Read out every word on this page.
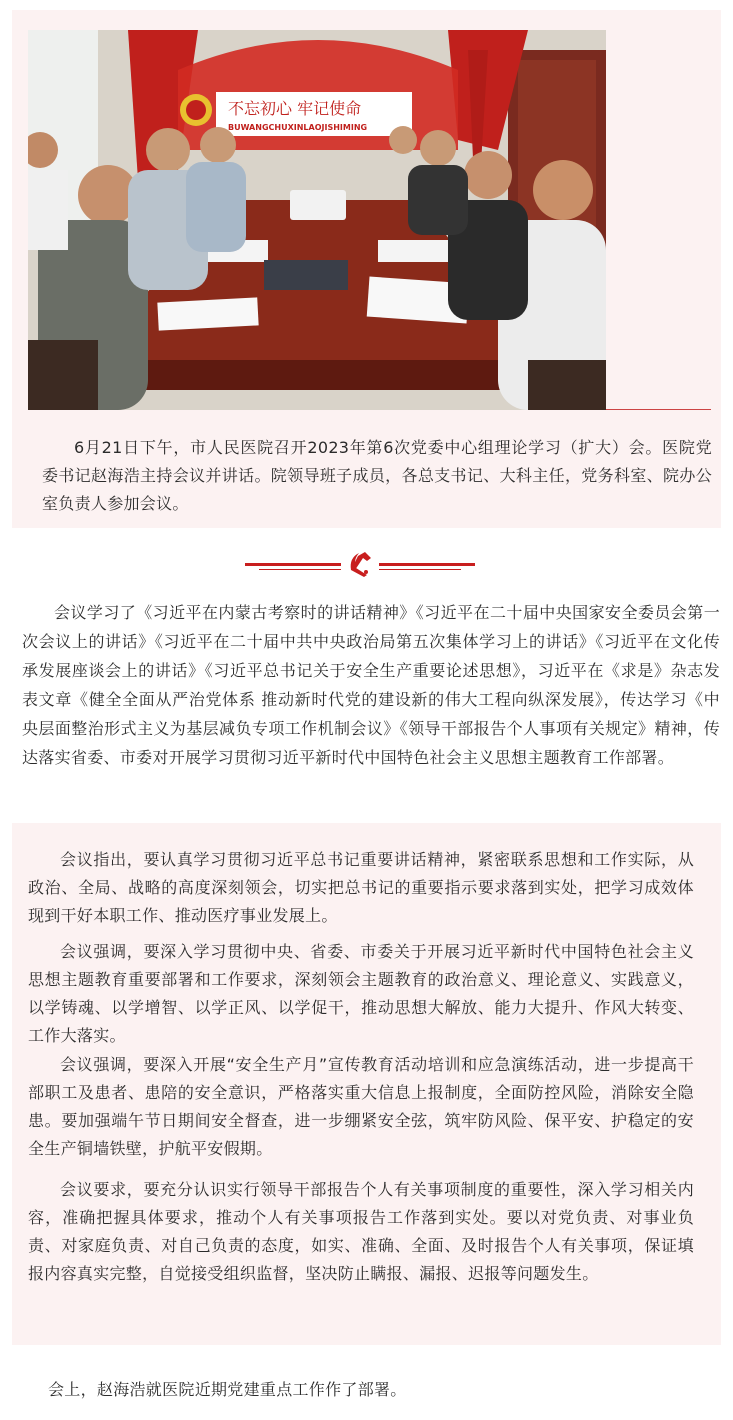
不忘初心 牢记使命
BUWANGCHUXINLAOJISHIMING

6月21日下午，市人民医院召开2023年第6次党委中心组理论学习（扩大）会。医院党委书记赵海浩主持会议并讲话。院领导班子成员，各总支书记、大科主任，党务科室、院办公室负责人参加会议。

会议学习了《习近平在内蒙古考察时的讲话精神》《习近平在二十届中央国家安全委员会第一次会议上的讲话》《习近平在二十届中共中央政治局第五次集体学习上的讲话》《习近平在文化传承发展座谈会上的讲话》《习近平总书记关于安全生产重要论述思想》，习近平在《求是》杂志发表文章《健全全面从严治党体系 推动新时代党的建设新的伟大工程向纵深发展》，传达学习《中央层面整治形式主义为基层减负专项工作机制会议》《领导干部报告个人事项有关规定》精神，传达落实省委、市委对开展学习贯彻习近平新时代中国特色社会主义思想主题教育工作部署。

会议指出，要认真学习贯彻习近平总书记重要讲话精神，紧密联系思想和工作实际，从政治、全局、战略的高度深刻领会，切实把总书记的重要指示要求落到实处，把学习成效体现到干好本职工作、推动医疗事业发展上。

会议强调，要深入学习贯彻中央、省委、市委关于开展习近平新时代中国特色社会主义思想主题教育重要部署和工作要求，深刻领会主题教育的政治意义、理论意义、实践意义，以学铸魂、以学增智、以学正风、以学促干，推动思想大解放、能力大提升、作风大转变、工作大落实。

会议强调，要深入开展“安全生产月”宣传教育活动培训和应急演练活动，进一步提高干部职工及患者、患陪的安全意识，严格落实重大信息上报制度，全面防控风险，消除安全隐患。要加强端午节日期间安全督查，进一步绷紧安全弦，筑牢防风险、保平安、护稳定的安全生产铜墙铁壁，护航平安假期。

会议要求，要充分认识实行领导干部报告个人有关事项制度的重要性，深入学习相关内容，准确把握具体要求，推动个人有关事项报告工作落到实处。要以对党负责、对事业负责、对家庭负责、对自己负责的态度，如实、准确、全面、及时报告个人有关事项，保证填报内容真实完整，自觉接受组织监督，坚决防止瞒报、漏报、迟报等问题发生。

会上，赵海浩就医院近期党建重点工作作了部署。
